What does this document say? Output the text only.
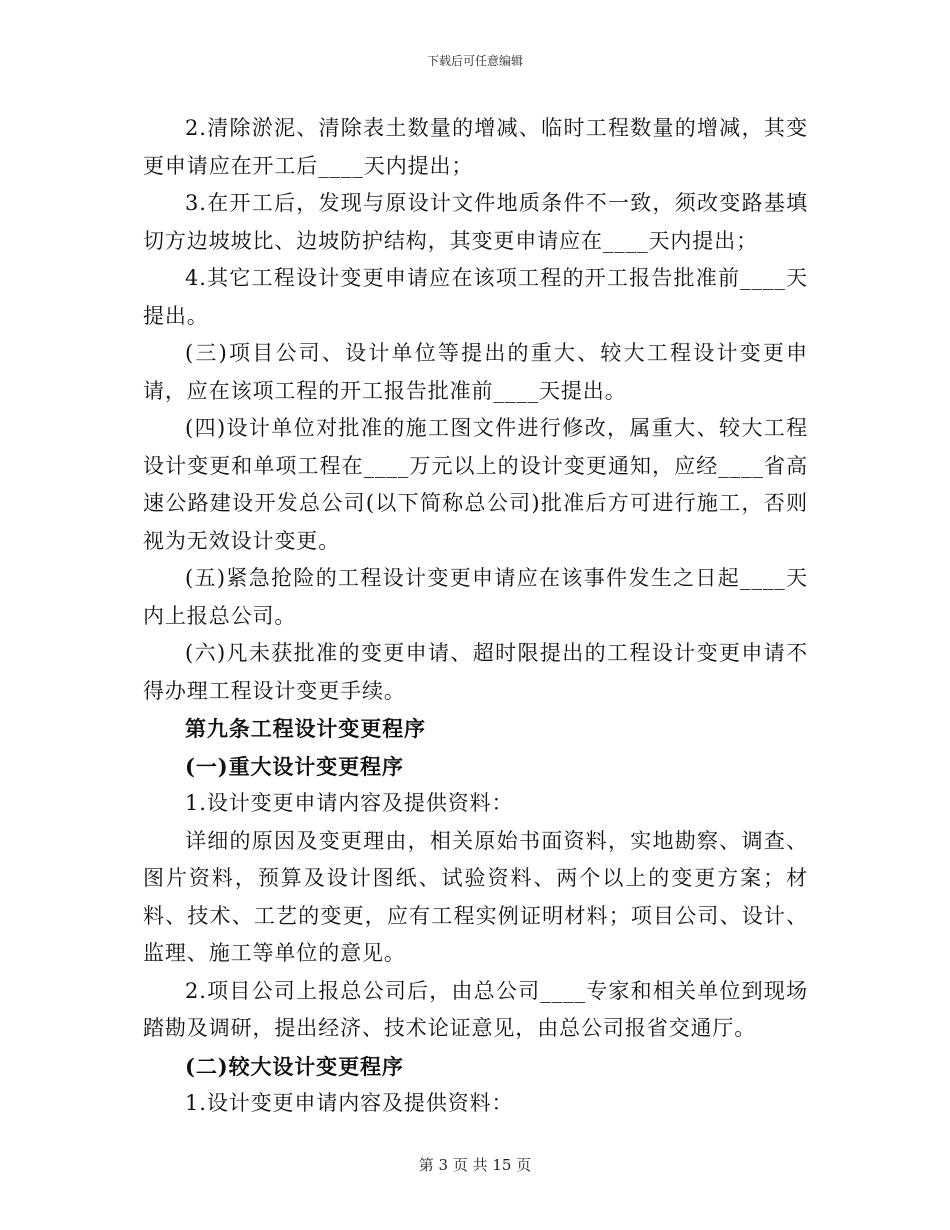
下载后可任意编辑

2.清除淤泥、清除表土数量的增减、临时工程数量的增减，其变更申请应在开工后____天内提出；

3.在开工后，发现与原设计文件地质条件不一致，须改变路基填切方边坡坡比、边坡防护结构，其变更申请应在____天内提出；

4.其它工程设计变更申请应在该项工程的开工报告批准前____天提出。

(三)项目公司、设计单位等提出的重大、较大工程设计变更申请，应在该项工程的开工报告批准前____天提出。

(四)设计单位对批准的施工图文件进行修改，属重大、较大工程设计变更和单项工程在____万元以上的设计变更通知，应经____省高速公路建设开发总公司(以下简称总公司)批准后方可进行施工，否则视为无效设计变更。

(五)紧急抢险的工程设计变更申请应在该事件发生之日起____天内上报总公司。

(六)凡未获批准的变更申请、超时限提出的工程设计变更申请不得办理工程设计变更手续。

第九条工程设计变更程序

(一)重大设计变更程序

1.设计变更申请内容及提供资料：

详细的原因及变更理由，相关原始书面资料，实地勘察、调查、图片资料，预算及设计图纸、试验资料、两个以上的变更方案；材料、技术、工艺的变更，应有工程实例证明材料；项目公司、设计、监理、施工等单位的意见。

2.项目公司上报总公司后，由总公司____专家和相关单位到现场踏勘及调研，提出经济、技术论证意见，由总公司报省交通厅。

(二)较大设计变更程序

1.设计变更申请内容及提供资料：

第 3 页 共 15 页
